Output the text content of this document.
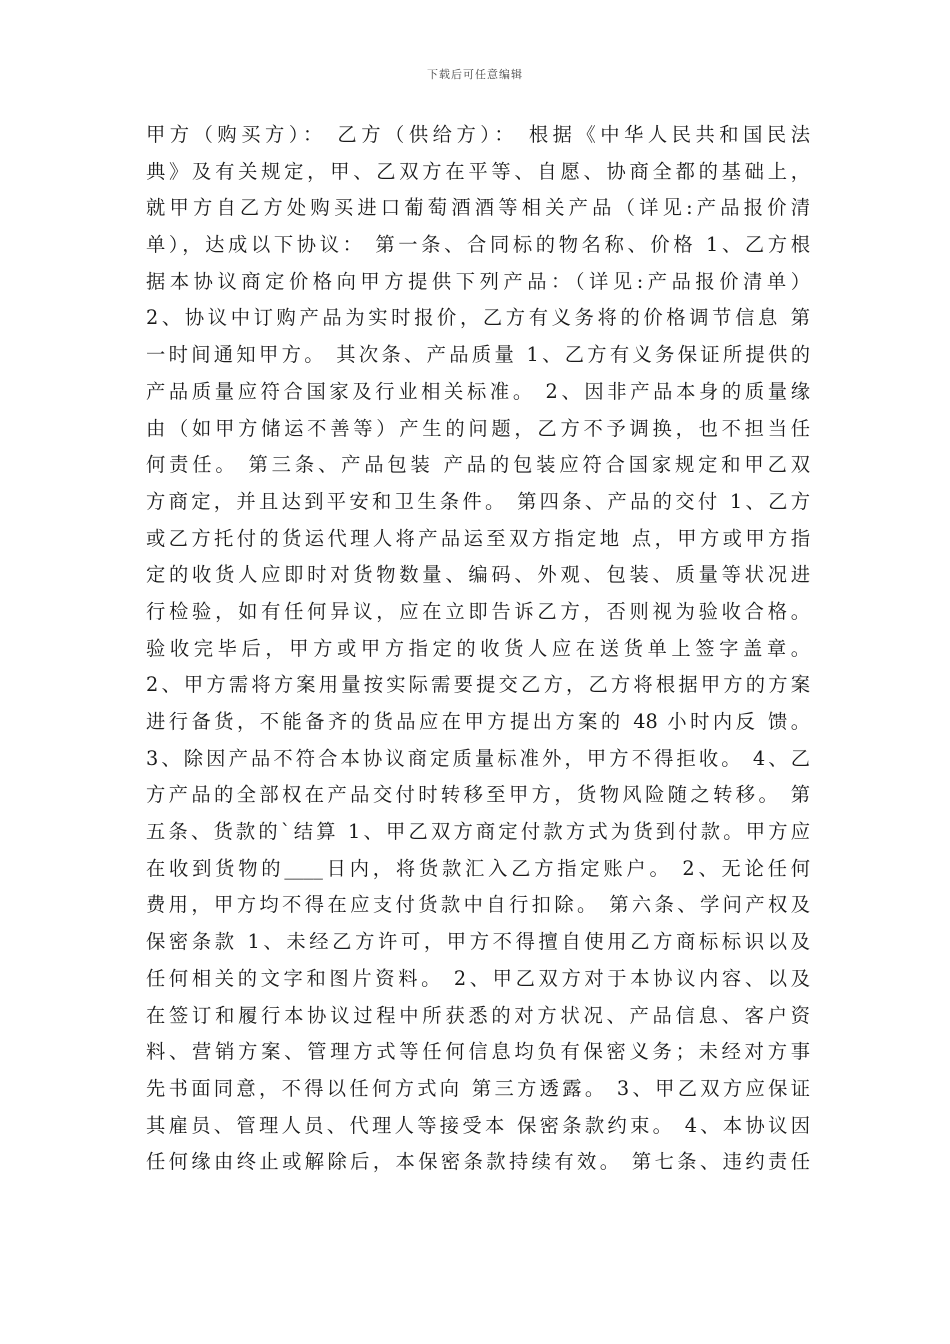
下载后可任意编辑
甲方（购买方）： 乙方（供给方）： 根据《中华人民共和国民法
典》及有关规定，甲、乙双方在平等、自愿、协商全都的基础上，
就甲方自乙方处购买进口葡萄酒酒等相关产品（详见:产品报价清
单），达成以下协议： 第一条、合同标的物名称、价格 1、乙方根
据本协议商定价格向甲方提供下列产品：（详见:产品报价清单）
2、协议中订购产品为实时报价，乙方有义务将的价格调节信息 第
一时间通知甲方。 其次条、产品质量 1、乙方有义务保证所提供的
产品质量应符合国家及行业相关标准。 2、因非产品本身的质量缘
由（如甲方储运不善等）产生的问题，乙方不予调换，也不担当任
何责任。 第三条、产品包装 产品的包装应符合国家规定和甲乙双
方商定，并且达到平安和卫生条件。 第四条、产品的交付 1、乙方
或乙方托付的货运代理人将产品运至双方指定地 点，甲方或甲方指
定的收货人应即时对货物数量、编码、外观、包装、质量等状况进
行检验，如有任何异议，应在立即告诉乙方，否则视为验收合格。
验收完毕后，甲方或甲方指定的收货人应在送货单上签字盖章。
2、甲方需将方案用量按实际需要提交乙方，乙方将根据甲方的方案
进行备货，不能备齐的货品应在甲方提出方案的 48 小时内反 馈。
3、除因产品不符合本协议商定质量标准外，甲方不得拒收。 4、乙
方产品的全部权在产品交付时转移至甲方，货物风险随之转移。 第
五条、货款的`结算 1、甲乙双方商定付款方式为货到付款。甲方应
在收到货物的____日内，将货款汇入乙方指定账户。 2、无论任何
费用，甲方均不得在应支付货款中自行扣除。 第六条、学问产权及
保密条款 1、未经乙方许可，甲方不得擅自使用乙方商标标识以及
任何相关的文字和图片资料。 2、甲乙双方对于本协议内容、以及
在签订和履行本协议过程中所获悉的对方状况、产品信息、客户资
料、营销方案、管理方式等任何信息均负有保密义务；未经对方事
先书面同意，不得以任何方式向 第三方透露。 3、甲乙双方应保证
其雇员、管理人员、代理人等接受本 保密条款约束。 4、本协议因
任何缘由终止或解除后，本保密条款持续有效。 第七条、违约责任
